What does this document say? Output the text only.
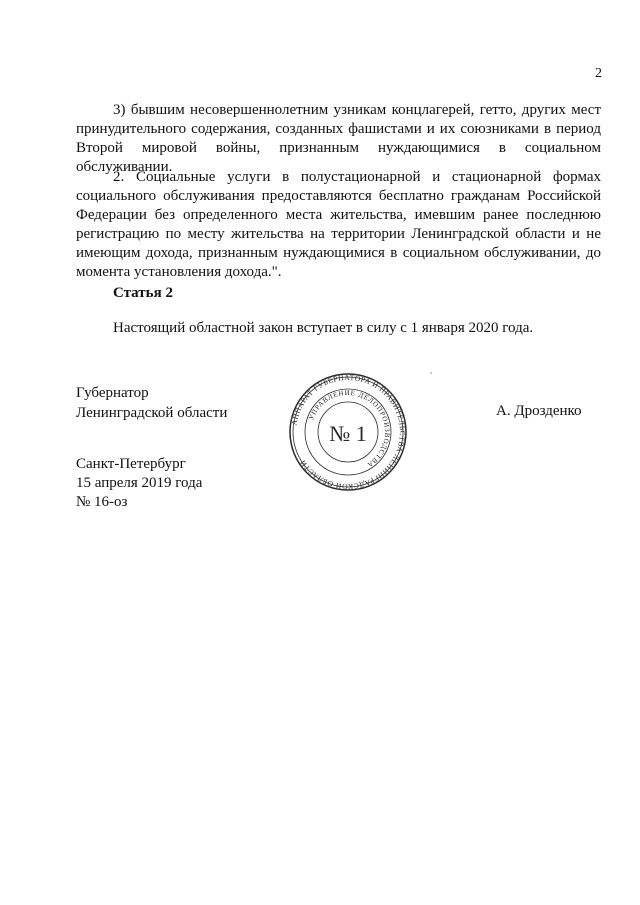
2

3) бывшим несовершеннолетним узникам концлагерей, гетто, других мест принудительного содержания, созданных фашистами и их союзниками в период Второй мировой войны, признанным нуждающимися в социальном обслуживании.

2. Социальные услуги в полустационарной и стационарной формах социального обслуживания предоставляются бесплатно гражданам Российской Федерации без определенного места жительства, имевшим ранее последнюю регистрацию по месту жительства на территории Ленинградской области и не имеющим дохода, признанным нуждающимися в социальном обслуживании, до момента установления дохода.".

Статья 2
Настоящий областной закон вступает в силу с 1 января 2020 года.
Губернатор
Ленинградской области	А. Дрозденко
Санкт-Петербург
15 апреля 2019 года
№ 16-оз
АППАРАТ ГУБЕРНАТОРА И ПРАВИТЕЛЬСТВА ЛЕНИНГРАДСКОЙ ОБЛАСТИ
УПРАВЛЕНИЕ ДЕЛОПРОИЗВОДСТВА
№ 1
